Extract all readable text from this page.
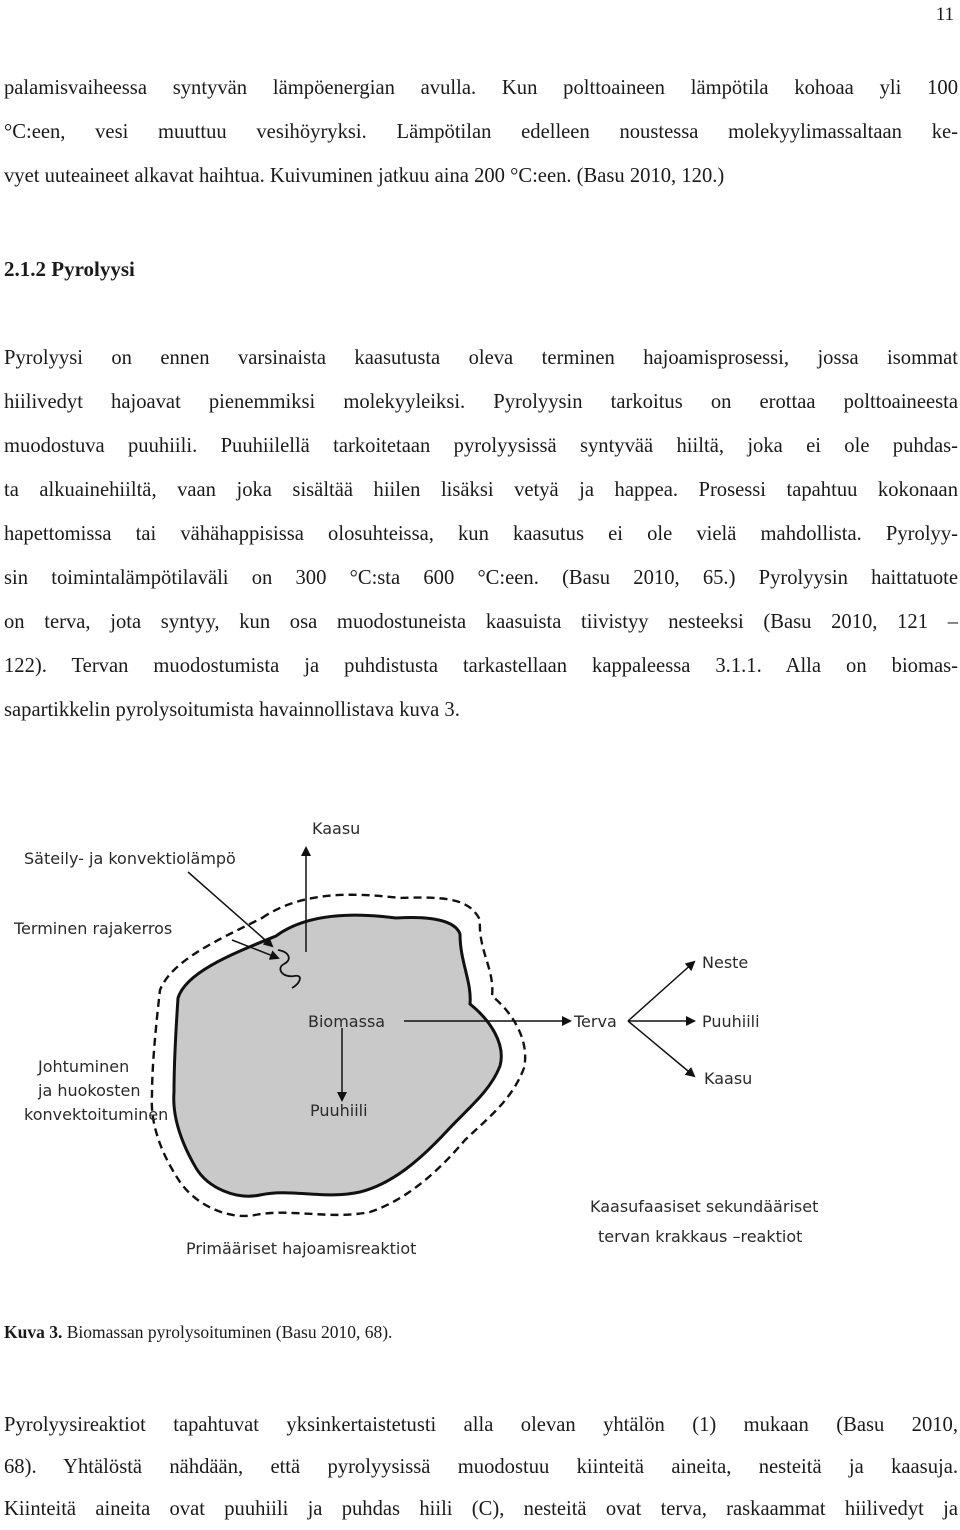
11

palamisvaiheessa syntyvän lämpöenergian avulla. Kun polttoaineen lämpötila kohoaa yli 100
°C:een, vesi muuttuu vesihöyryksi. Lämpötilan edelleen noustessa molekyylimassaltaan ke-
vyet uuteaineet alkavat haihtua. Kuivuminen jatkuu aina 200 °C:een. (Basu 2010, 120.)

2.1.2 Pyrolyysi

Pyrolyysi on ennen varsinaista kaasutusta oleva terminen hajoamisprosessi, jossa isommat
hiilivedyt hajoavat pienemmiksi molekyyleiksi. Pyrolyysin tarkoitus on erottaa polttoaineesta
muodostuva puuhiili. Puuhiilellä tarkoitetaan pyrolyysissä syntyvää hiiltä, joka ei ole puhdas-
ta alkuainehiiltä, vaan joka sisältää hiilen lisäksi vetyä ja happea. Prosessi tapahtuu kokonaan
hapettomissa tai vähähappisissa olosuhteissa, kun kaasutus ei ole vielä mahdollista. Pyrolyy-
sin toimintalämpötilaväli on 300 °C:sta 600 °C:een. (Basu 2010, 65.) Pyrolyysin haittatuote
on terva, jota syntyy, kun osa muodostuneista kaasuista tiivistyy nesteeksi (Basu 2010, 121 –
122). Tervan muodostumista ja puhdistusta tarkastellaan kappaleessa 3.1.1. Alla on biomas-
sapartikkelin pyrolysoitumista havainnollistava kuva 3.

Kaasu
Säteily- ja konvektiolämpö
Terminen rajakerros
Biomassa
Puuhiili
Terva
Neste
Puuhiili
Kaasu
Johtuminen
ja huokosten
konvektoituminen
Kaasufaasiset sekundääriset
tervan krakkaus –reaktiot
Primääriset hajoamisreaktiot

Kuva 3. Biomassan pyrolysoituminen (Basu 2010, 68).

Pyrolyysireaktiot tapahtuvat yksinkertaistetusti alla olevan yhtälön (1) mukaan (Basu 2010,
68). Yhtälöstä nähdään, että pyrolyysissä muodostuu kiinteitä aineita, nesteitä ja kaasuja.
Kiinteitä aineita ovat puuhiili ja puhdas hiili (C), nesteitä ovat terva, raskaammat hiilivedyt ja
